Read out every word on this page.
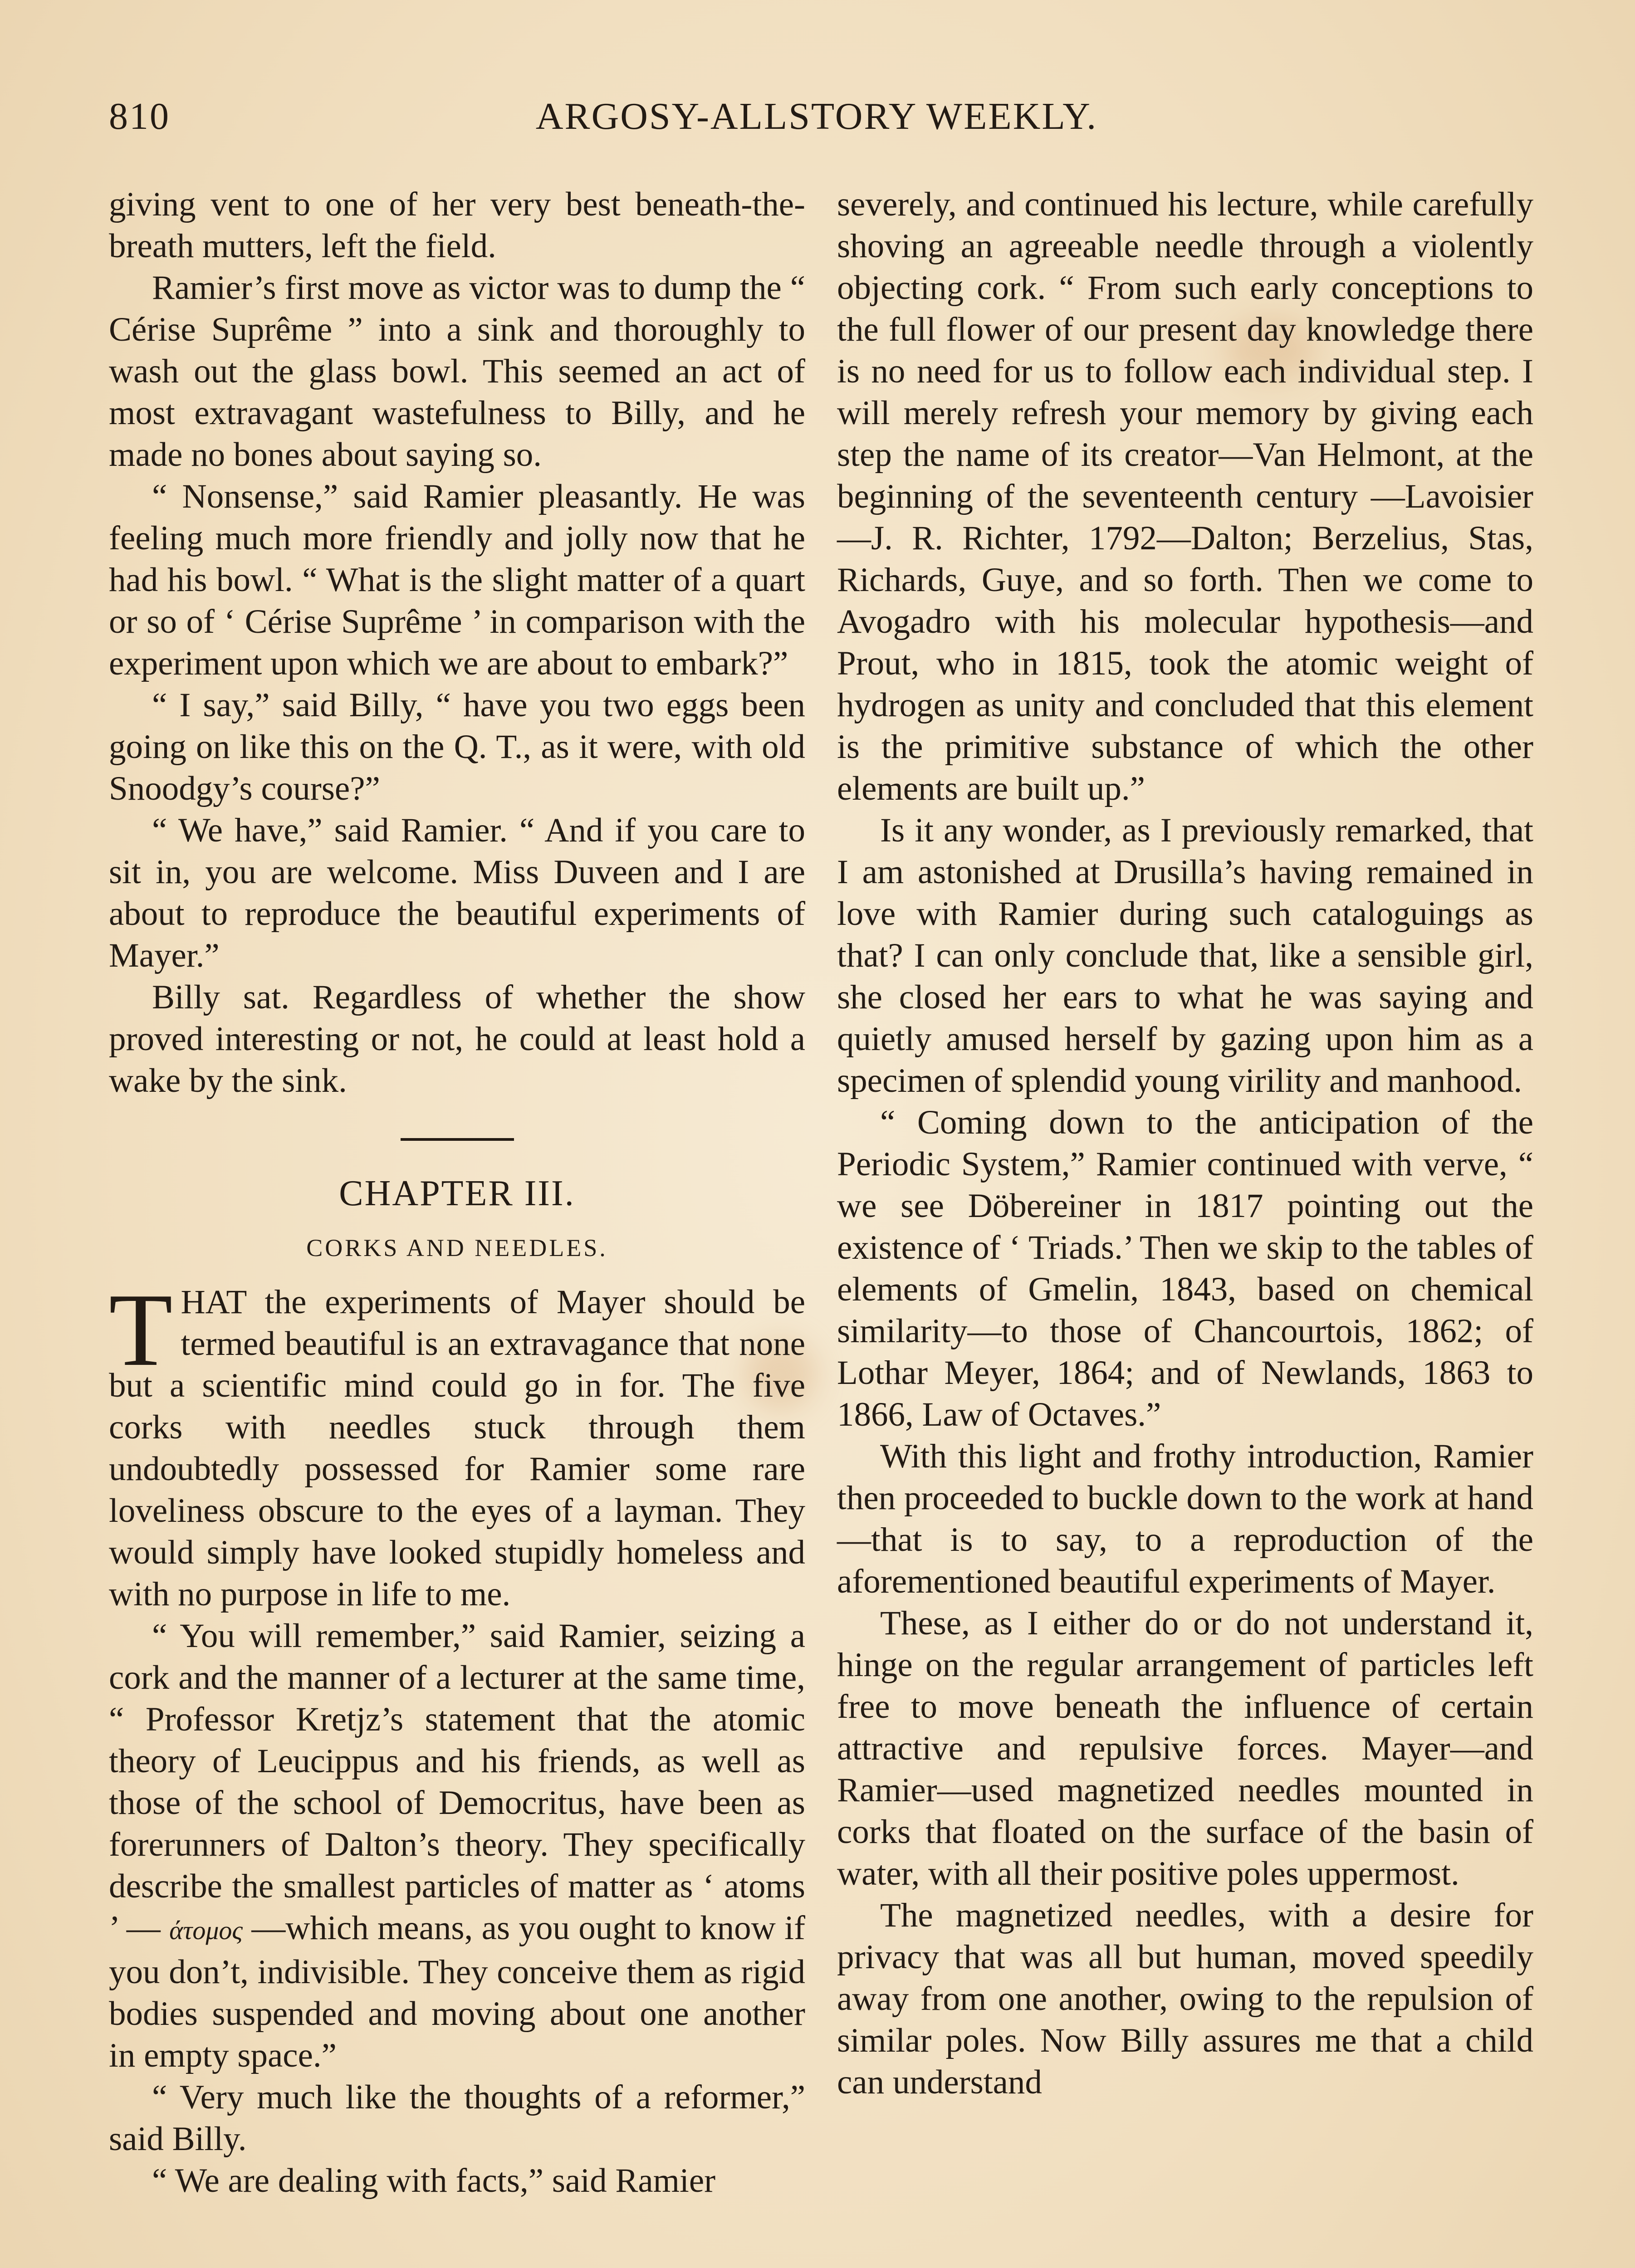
810	ARGOSY-ALLSTORY WEEKLY.

giving vent to one of her very best beneath-the-breath mutters, left the field.

Ramier’s first move as victor was to dump the “ Cérise Suprême ” into a sink and thoroughly to wash out the glass bowl. This seemed an act of most extravagant wastefulness to Billy, and he made no bones about saying so.

“ Nonsense,” said Ramier pleasantly. He was feeling much more friendly and jolly now that he had his bowl. “ What is the slight matter of a quart or so of ‘ Cérise Suprême ’ in comparison with the experiment upon which we are about to embark?”

“ I say,” said Billy, “ have you two eggs been going on like this on the Q. T., as it were, with old Snoodgy’s course?”

“ We have,” said Ramier. “ And if you care to sit in, you are welcome. Miss Duveen and I are about to reproduce the beautiful experiments of Mayer.”

Billy sat. Regardless of whether the show proved interesting or not, he could at least hold a wake by the sink.

CHAPTER III.
CORKS AND NEEDLES.

THAT the experiments of Mayer should be termed beautiful is an extravagance that none but a scientific mind could go in for. The five corks with needles stuck through them undoubtedly possessed for Ramier some rare loveliness obscure to the eyes of a layman. They would simply have looked stupidly homeless and with no purpose in life to me.

“ You will remember,” said Ramier, seizing a cork and the manner of a lecturer at the same time, “ Professor Kretjz’s statement that the atomic theory of Leucippus and his friends, as well as those of the school of Democritus, have been as forerunners of Dalton’s theory. They specifically describe the smallest particles of matter as ‘ atoms ’ — άτομος —which means, as you ought to know if you don’t, indivisible. They conceive them as rigid bodies suspended and moving about one another in empty space.”

“ Very much like the thoughts of a reformer,” said Billy.

“ We are dealing with facts,” said Ramier

severely, and continued his lecture, while carefully shoving an agreeable needle through a violently objecting cork. “ From such early conceptions to the full flower of our present day knowledge there is no need for us to follow each individual step. I will merely refresh your memory by giving each step the name of its creator—Van Helmont, at the beginning of the seventeenth century —Lavoisier—J. R. Richter, 1792—Dalton; Berzelius, Stas, Richards, Guye, and so forth. Then we come to Avogadro with his molecular hypothesis—and Prout, who in 1815, took the atomic weight of hydrogen as unity and concluded that this element is the primitive substance of which the other elements are built up.”

Is it any wonder, as I previously remarked, that I am astonished at Drusilla’s having remained in love with Ramier during such cataloguings as that? I can only conclude that, like a sensible girl, she closed her ears to what he was saying and quietly amused herself by gazing upon him as a specimen of splendid young virility and manhood.

“ Coming down to the anticipation of the Periodic System,” Ramier continued with verve, “ we see Döbereiner in 1817 pointing out the existence of ‘ Triads.’ Then we skip to the tables of elements of Gmelin, 1843, based on chemical similarity—to those of Chancourtois, 1862; of Lothar Meyer, 1864; and of Newlands, 1863 to 1866, Law of Octaves.”

With this light and frothy introduction, Ramier then proceeded to buckle down to the work at hand—that is to say, to a reproduction of the aforementioned beautiful experiments of Mayer.

These, as I either do or do not understand it, hinge on the regular arrangement of particles left free to move beneath the influence of certain attractive and repulsive forces. Mayer—and Ramier—used magnetized needles mounted in corks that floated on the surface of the basin of water, with all their positive poles uppermost.

The magnetized needles, with a desire for privacy that was all but human, moved speedily away from one another, owing to the repulsion of similar poles. Now Billy assures me that a child can understand
